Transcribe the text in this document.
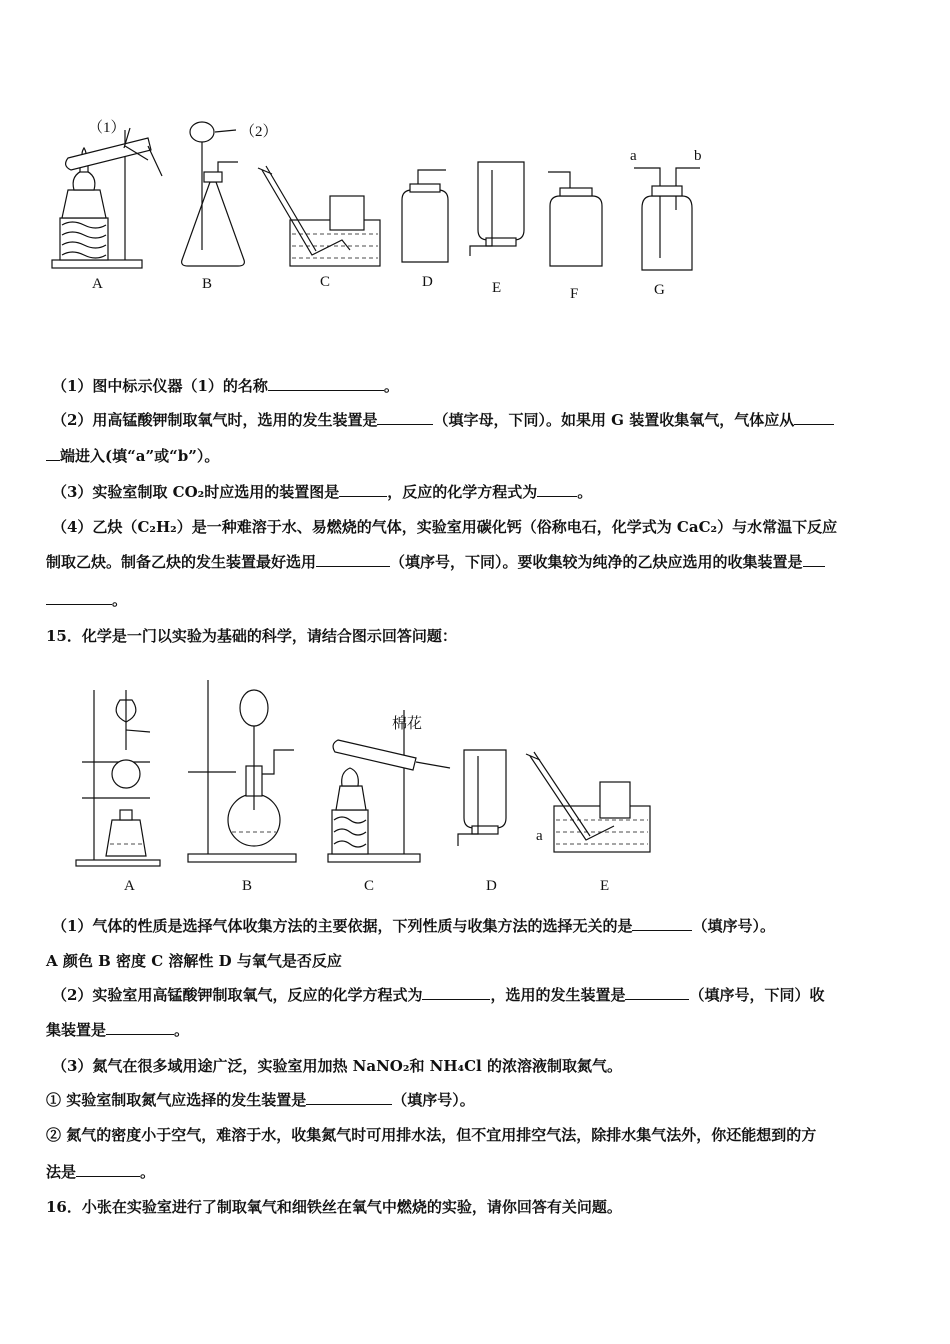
（1）	（2）
a	b
A	B	C	D	E	F	G
（1）图中标示仪器（1）的名称	。
（2）用高锰酸钾制取氧气时，选用的发生装置是	（填字母，下同）。如果用 G 装置收集氧气，气体应从
端进入(填“a”或“b”）。
（3）实验室制取 CO₂时应选用的装置图是	，反应的化学方程式为	。
（4）乙炔（C₂H₂）是一种难溶于水、易燃烧的气体，实验室用碳化钙（俗称电石，化学式为 CaC₂）与水常温下反应
制取乙炔。制备乙炔的发生装置最好选用	（填序号，下同）。要收集较为纯净的乙炔应选用的收集装置是
。
15．化学是一门以实验为基础的科学，请结合图示回答问题：
棉花
a
A	B	C	D	E
（1）气体的性质是选择气体收集方法的主要依据，下列性质与收集方法的选择无关的是	（填序号）。
A 颜色 B 密度 C 溶解性 D 与氧气是否反应
（2）实验室用高锰酸钾制取氧气，反应的化学方程式为	，选用的发生装置是	（填序号，下同）收
集装置是	。
（3）氮气在很多域用途广泛，实验室用加热 NaNO₂和 NH₄Cl 的浓溶液制取氮气。
① 实验室制取氮气应选择的发生装置是	（填序号）。
② 氮气的密度小于空气，难溶于水，收集氮气时可用排水法，但不宜用排空气法，除排水集气法外，你还能想到的方
法是	。
16．小张在实验室进行了制取氧气和细铁丝在氧气中燃烧的实验，请你回答有关问题。
